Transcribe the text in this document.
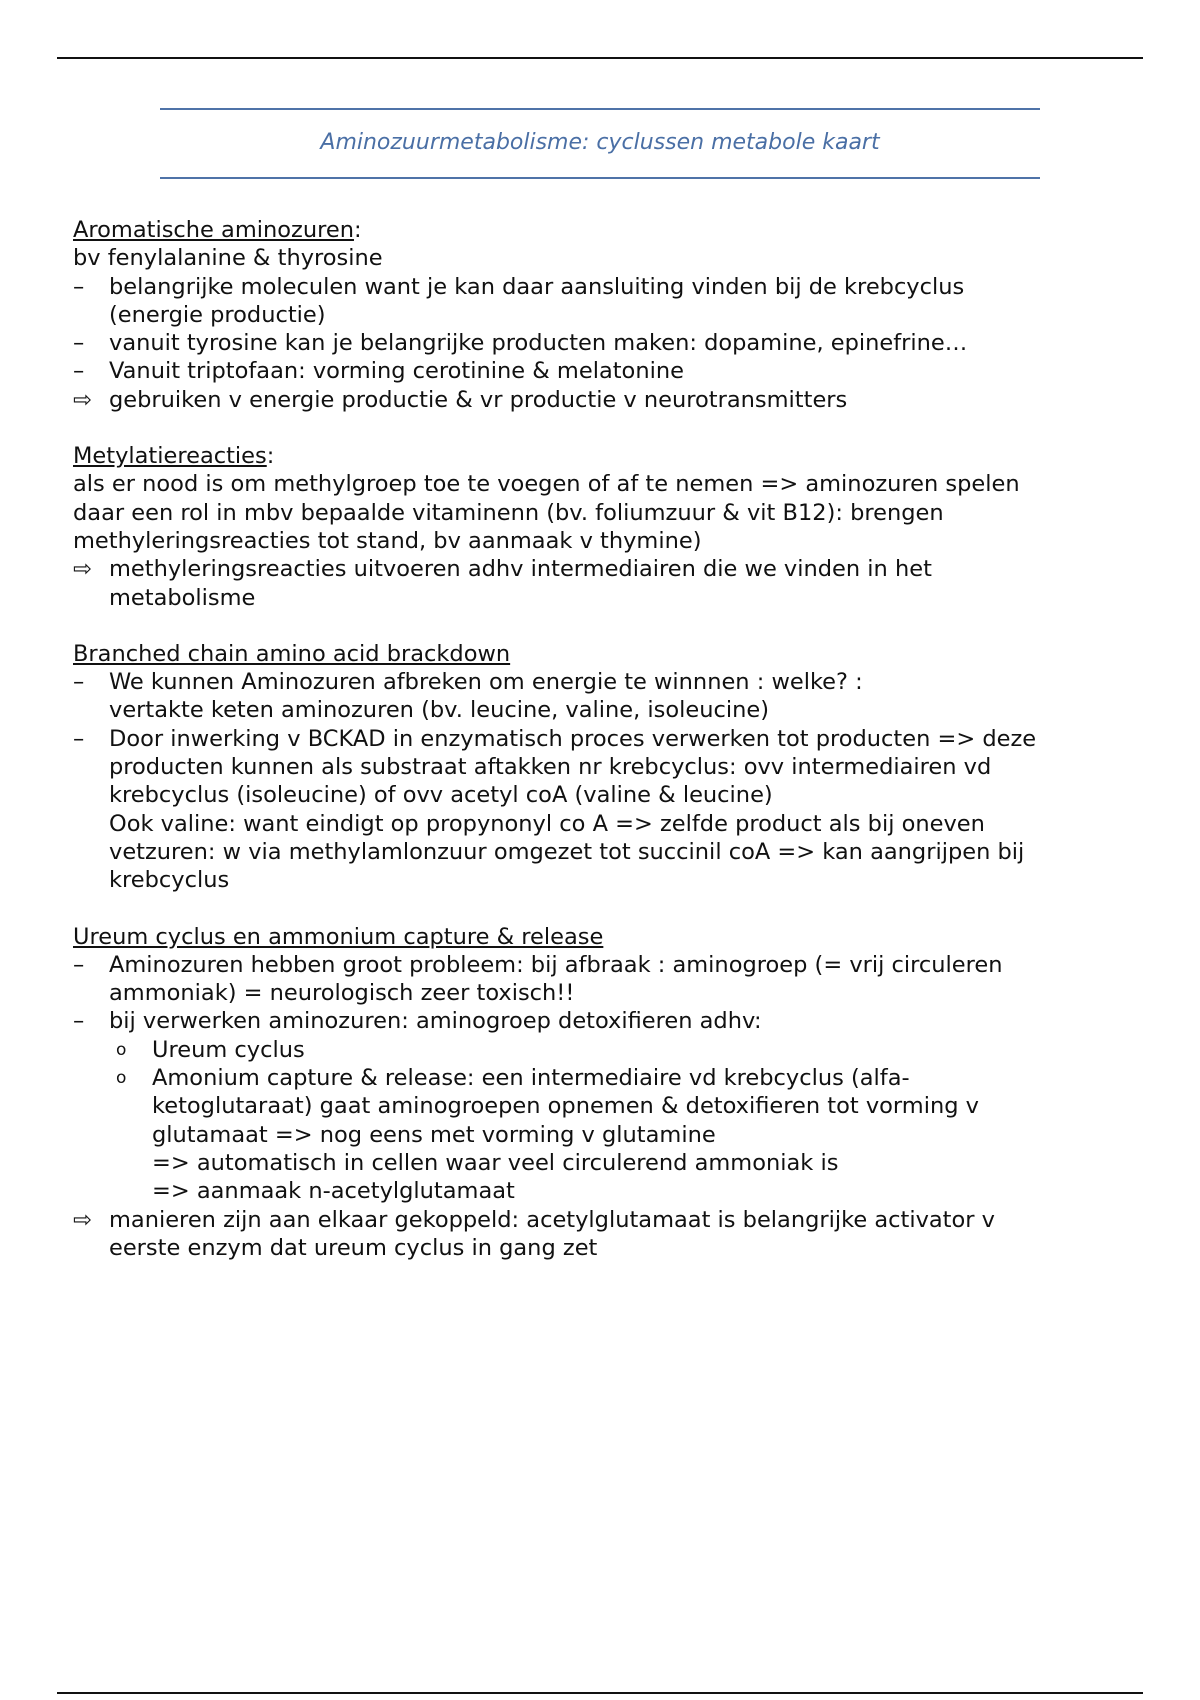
Aminozuurmetabolisme: cyclussen metabole kaart
Aromatische aminozuren:
bv fenylalanine & thyrosine
–	belangrijke moleculen want je kan daar aansluiting vinden bij de krebcyclus
(energie productie)
–	vanuit tyrosine kan je belangrijke producten maken: dopamine, epinefrine…
–	Vanuit triptofaan: vorming cerotinine & melatonine
⇨ gebruiken v energie productie & vr productie v neurotransmitters
Metylatiereacties:
als er nood is om methylgroep toe te voegen of af te nemen => aminozuren spelen
daar een rol in mbv bepaalde vitaminenn (bv. foliumzuur & vit B12): brengen
methyleringsreacties tot stand, bv aanmaak v thymine)
⇨ methyleringsreacties uitvoeren adhv intermediairen die we vinden in het
metabolisme
Branched chain amino acid brackdown
–	We kunnen Aminozuren afbreken om energie te winnnen : welke? :
vertakte keten aminozuren (bv. leucine, valine, isoleucine)
–	Door inwerking v BCKAD in enzymatisch proces verwerken tot producten => deze
producten kunnen als substraat aftakken nr krebcyclus: ovv intermediairen vd
krebcyclus (isoleucine) of ovv acetyl coA (valine & leucine)
Ook valine: want eindigt op propynonyl co A => zelfde product als bij oneven
vetzuren: w via methylamlonzuur omgezet tot succinil coA => kan aangrijpen bij
krebcyclus
Ureum cyclus en ammonium capture & release
–	Aminozuren hebben groot probleem: bij afbraak : aminogroep (= vrij circuleren
ammoniak) = neurologisch zeer toxisch!!
–	bij verwerken aminozuren: aminogroep detoxifieren adhv:
o	Ureum cyclus
o	Amonium capture & release: een intermediaire vd krebcyclus (alfa-
ketoglutaraat) gaat aminogroepen opnemen & detoxifieren tot vorming v
glutamaat => nog eens met vorming v glutamine
=> automatisch in cellen waar veel circulerend ammoniak is
=> aanmaak n-acetylglutamaat
⇨ manieren zijn aan elkaar gekoppeld: acetylglutamaat is belangrijke activator v
eerste enzym dat ureum cyclus in gang zet
